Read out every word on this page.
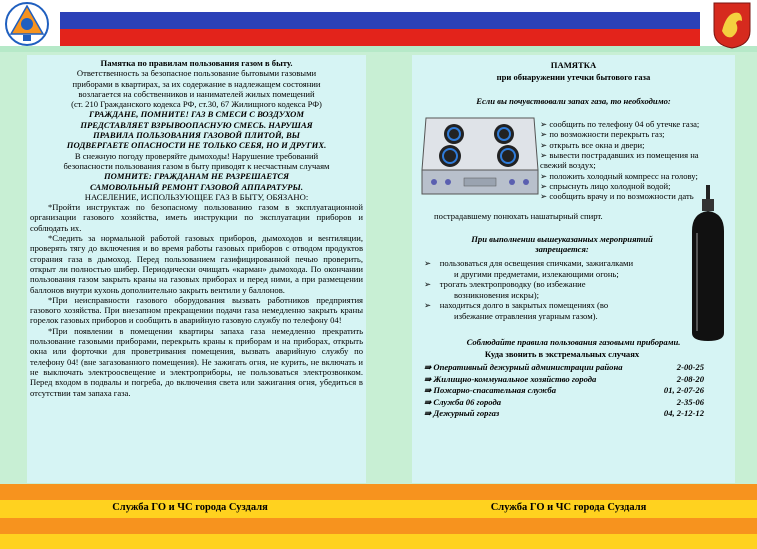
Памятка по правилам пользования газом в быту.
Ответственность за безопасное пользование бытовыми газовыми
приборами в квартирах, за их содержание в надлежащем состоянии
возлагается на собственников и нанимателей жилых помещений
(ст. 210 Гражданского кодекса РФ, ст.30, 67 Жилищного кодекса РФ)
ГРАЖДАНЕ, ПОМНИТЕ! ГАЗ В СМЕСИ С ВОЗДУХОМ
ПРЕДСТАВЛЯЕТ ВЗРЫВООПАСНУЮ СМЕСЬ. НАРУШАЯ
ПРАВИЛА ПОЛЬЗОВАНИЯ ГАЗОВОЙ ПЛИТОЙ, ВЫ
ПОДВЕРГАЕТЕ ОПАСНОСТИ НЕ ТОЛЬКО СЕБЯ, НО И ДРУГИХ.
В снежную погоду проверяйте дымоходы! Нарушение требований
безопасности пользования газом в быту приводят к несчастным случаям
ПОМНИТЕ: ГРАЖДАНАМ НЕ РАЗРЕШАЕТСЯ
САМОВОЛЬНЫЙ РЕМОНТ ГАЗОВОЙ АППАРАТУРЫ.
НАСЕЛЕНИЕ, ИСПОЛЬЗУЮЩЕЕ ГАЗ В БЫТУ, ОБЯЗАНО:
*Пройти инструктаж по безопасному пользованию газом в эксплуатационной организации газового хозяйства, иметь инструкции по эксплуатации приборов и соблюдать их.
*Следить за нормальной работой газовых приборов, дымоходов и вентиляции, проверять тягу до включения и во время работы газовых приборов с отводом продуктов сгорания газа в дымоход. Перед пользованием газифицированной печью проверить, открыт ли полностью шибер. Периодически очищать «карман» дымохода. По окончании пользования газом закрыть краны на газовых приборах и перед ними, а при размещении баллонов внутри кухонь дополнительно закрыть вентили у баллонов.
*При неисправности газового оборудования вызвать работников предприятия газового хозяйства. При внезапном прекращении подачи газа немедленно закрыть краны горелок газовых приборов и сообщить в аварийную газовую службу по телефону 04!
*При появлении в помещении квартиры запаха газа немедленно прекратить пользование газовыми приборами, перекрыть краны к приборам и на приборах, открыть окна или форточки для проветривания помещения, вызвать аварийную службу по телефону 04! (вне загазованного помещения). Не зажигать огня, не курить, не включать и не выключать электроосвещение и электроприборы, не пользоваться электрозвонком. Перед входом в подвалы и погреба, до включения света или зажигания огня, убедиться в отсутствии там запаха газа.
ПАМЯТКА
при обнаружении утечки бытового газа
Если вы почувствовали запах газа, то необходимо:
➢ сообщить по телефону 04 об утечке газа;
➢ по возможности перекрыть газ;
➢ открыть все окна и двери;
➢ вывести пострадавших из помещения на
свежий воздух;
➢ положить холодный компресс на голову;
➢ спрыснуть лицо холодной водой;
➢ сообщить врачу и по возможности дать
пострадавшему понюхать нашатырный спирт.
При выполнении вышеуказанных мероприятий
запрещается:
➢    пользоваться для освещения спичками, зажигалками
и другими предметами, излекающими огонь;
➢    трогать электропроводку (во избежание
возникновения искры);
➢    находиться долго в закрытых помещениях (во
избежание отравления угарным газом).
Соблюдайте правила пользования газовыми приборами.
Куда звонить в экстремальных случаях
⇛ Оперативный дежурный администрации района	2-00-25
⇛ Жилищно-коммунальное хозяйство города	2-08-20
⇛ Пожарно-спасательная служба	01, 2-07-26
⇛ Служба 06 города	2-35-06
⇛ Дежурный горгаз	04, 2-12-12
Служба ГО и ЧС города Суздаля	Служба ГО и ЧС города Суздаля
